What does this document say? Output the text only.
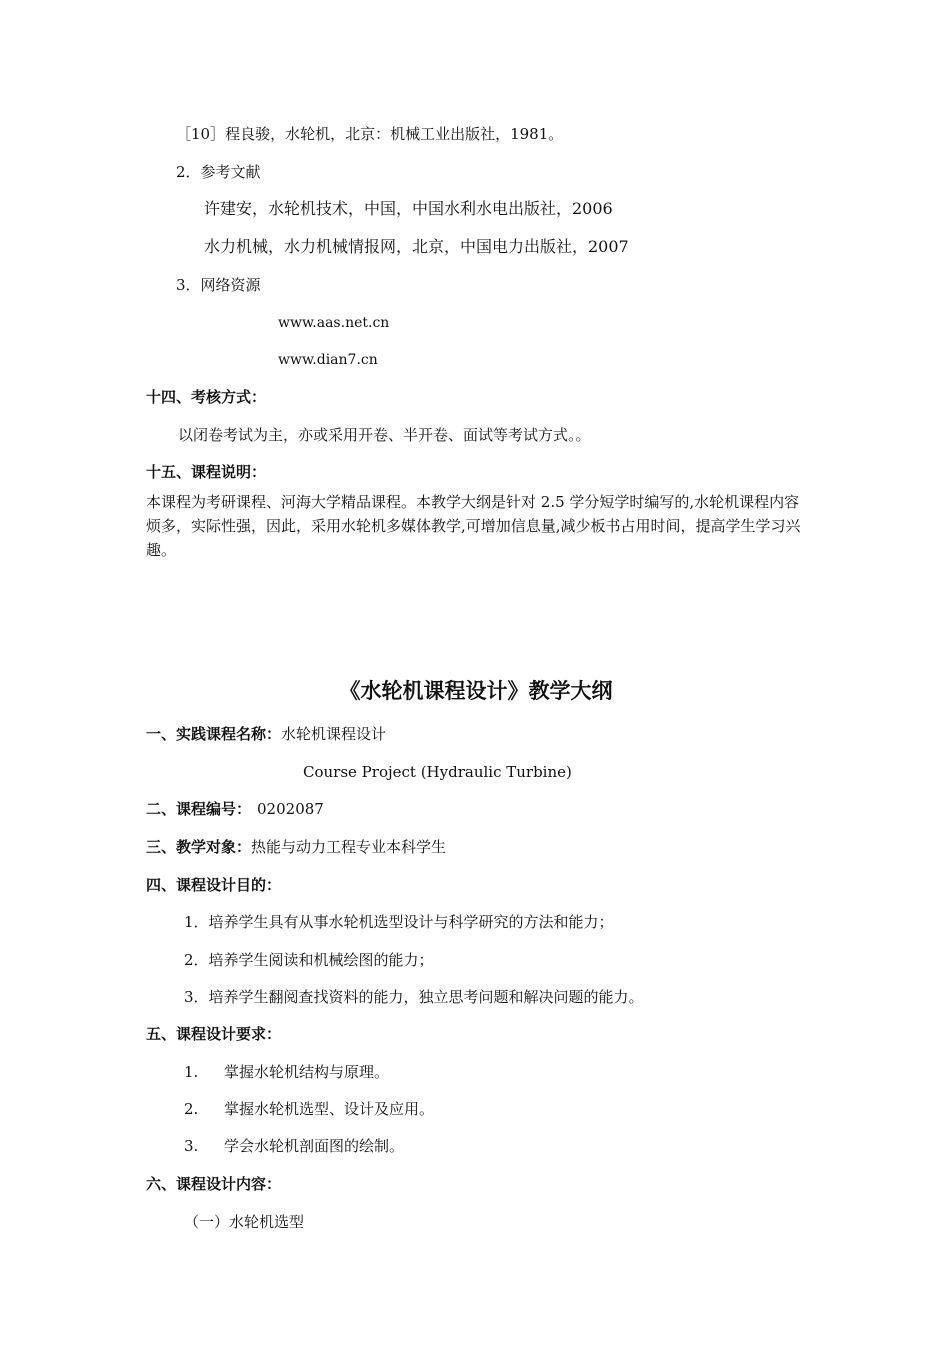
［10］程良骏，水轮机，北京：机械工业出版社，1981。
2．参考文献
许建安，水轮机技术，中国，中国水利水电出版社，2006
水力机械，水力机械情报网，北京，中国电力出版社，2007
3．网络资源
www.aas.net.cn
www.dian7.cn
十四、考核方式：
以闭卷考试为主，亦或采用开卷、半开卷、面试等考试方式。。
十五、课程说明：
本课程为考研课程、河海大学精品课程。本教学大纲是针对 2.5 学分短学时编写的,水轮机课程内容烦多，实际性强，因此，采用水轮机多媒体教学,可增加信息量,减少板书占用时间，提高学生学习兴趣。
《水轮机课程设计》教学大纲
一、实践课程名称：水轮机课程设计
Course Project (Hydraulic Turbine)
二、课程编号： 0202087
三、教学对象：热能与动力工程专业本科学生
四、课程设计目的：
1．培养学生具有从事水轮机选型设计与科学研究的方法和能力；
2．培养学生阅读和机械绘图的能力；
3．培养学生翻阅查找资料的能力，独立思考问题和解决问题的能力。
五、课程设计要求：
1. 掌握水轮机结构与原理。
2. 掌握水轮机选型、设计及应用。
3. 学会水轮机剖面图的绘制。
六、课程设计内容：
（一）水轮机选型
